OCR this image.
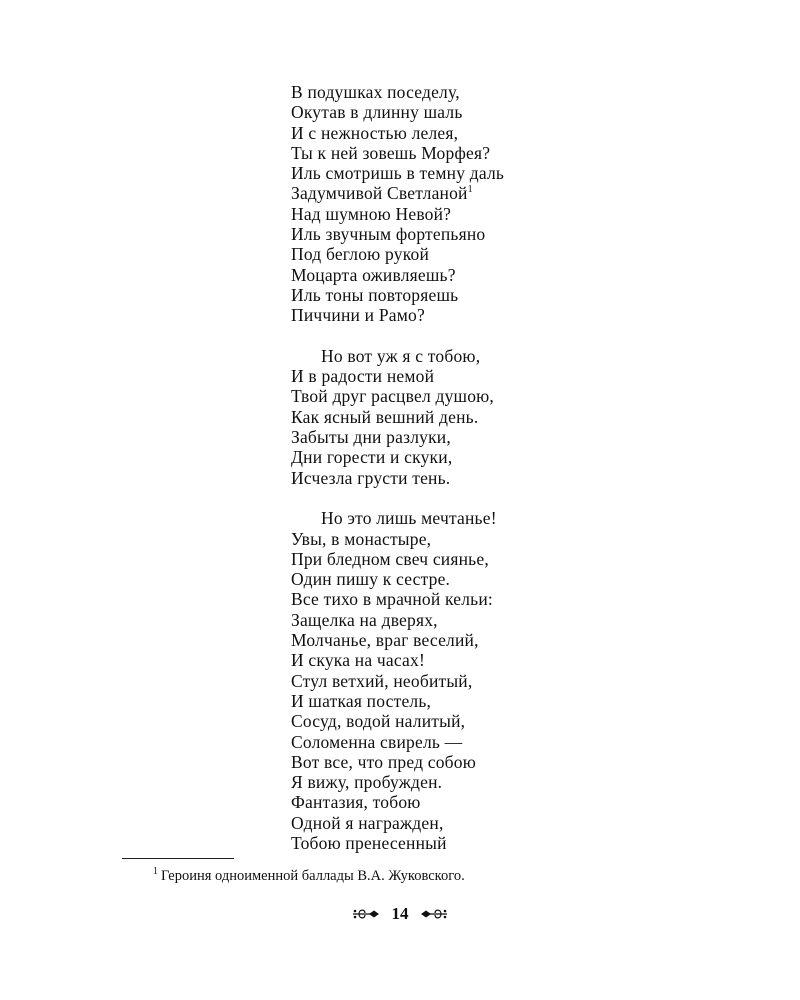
В подушках поседелу,
Окутав в длинну шаль
И с нежностью лелея,
Ты к ней зовешь Морфея?
Иль смотришь в темну даль
Задумчивой Светланой$^1$
Над шумною Невой?
Иль звучным фортепьяно
Под беглою рукой
Моцарта оживляешь?
Иль тоны повторяешь
Пиччини и Рамо?
Но вот уж я с тобою,
И в радости немой
Твой друг расцвел душою,
Как ясный вешний день.
Забыты дни разлуки,
Дни горести и скуки,
Исчезла грусти тень.
Но это лишь мечтанье!
Увы, в монастыре,
При бледном свеч сиянье,
Один пишу к сестре.
Все тихо в мрачной кельи:
Защелка на дверях,
Молчанье, враг веселий,
И скука на часах!
Стул ветхий, необитый,
И шаткая постель,
Сосуд, водой налитый,
Соломенна свирель —
Вот все, что пред собою
Я вижу, пробужден.
Фантазия, тобою
Одной я награжден,
Тобою пренесенный
$^1$ Героиня одноименной баллады В.А. Жуковского.
14
